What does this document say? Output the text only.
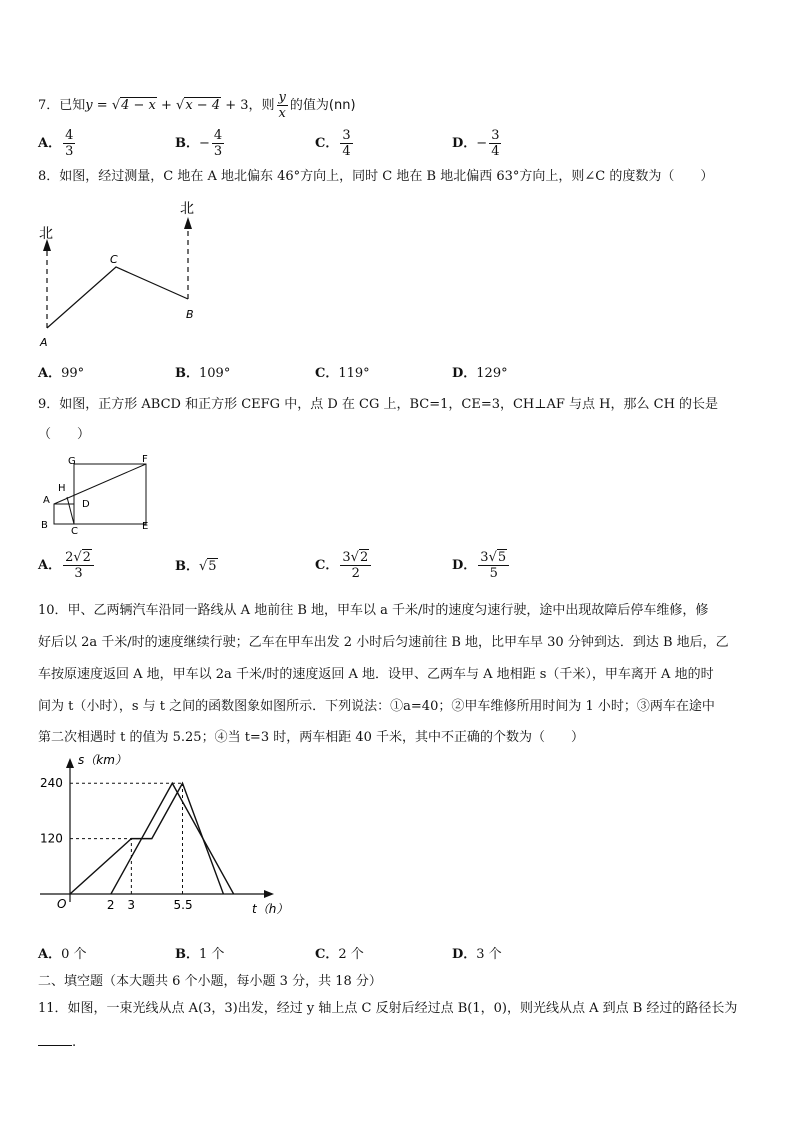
7．已知y = √4 − x + √x − 4 + 3，则 $\frac{y}{x}$ 的值为(nn)
A． $\frac{4}{3}$	B．− $\frac{4}{3}$	C． $\frac{3}{4}$	D．− $\frac{3}{4}$
8．如图，经过测量，C 地在 A 地北偏东 46°方向上，同时 C 地在 B 地北偏西 63°方向上，则∠C 的度数为（　　）
北
北
A
C
B
A．99°	B．109°	C．119°	D．129°
9．如图，正方形 ABCD 和正方形 CEFG 中，点 D 在 CG 上，BC=1，CE=3，CH⊥AF 与点 H，那么 CH 的长是
（　　）
G	F
H
A	D
B
C	E
A． $\frac{2√2}{3}$	B．√5	C． $\frac{3√2}{2}$	D． $\frac{3√5}{5}$
10．甲、乙两辆汽车沿同一路线从 A 地前往 B 地，甲车以 a 千米/时的速度匀速行驶，途中出现故障后停车维修，修
好后以 2a 千米/时的速度继续行驶；乙车在甲车出发 2 小时后匀速前往 B 地，比甲车早 30 分钟到达．到达 B 地后，乙
车按原速度返回 A 地，甲车以 2a 千米/时的速度返回 A 地．设甲、乙两车与 A 地相距 s（千米），甲车离开 A 地的时
间为 t（小时），s 与 t 之间的函数图象如图所示．下列说法：①a=40；②甲车维修所用时间为 1 小时；③两车在途中
第二次相遇时 t 的值为 5.25；④当 t=3 时，两车相距 40 千米，其中不正确的个数为（　　）
s（km）
t（h）
O
120
240
2 3	5.5
A．0 个	B．1 个	C．2 个	D．3 个
二、填空题（本大题共 6 个小题，每小题 3 分，共 18 分）
11．如图，一束光线从点 A(3，3)出发，经过 y 轴上点 C 反射后经过点 B(1，0)，则光线从点 A 到点 B 经过的路径长为
.
